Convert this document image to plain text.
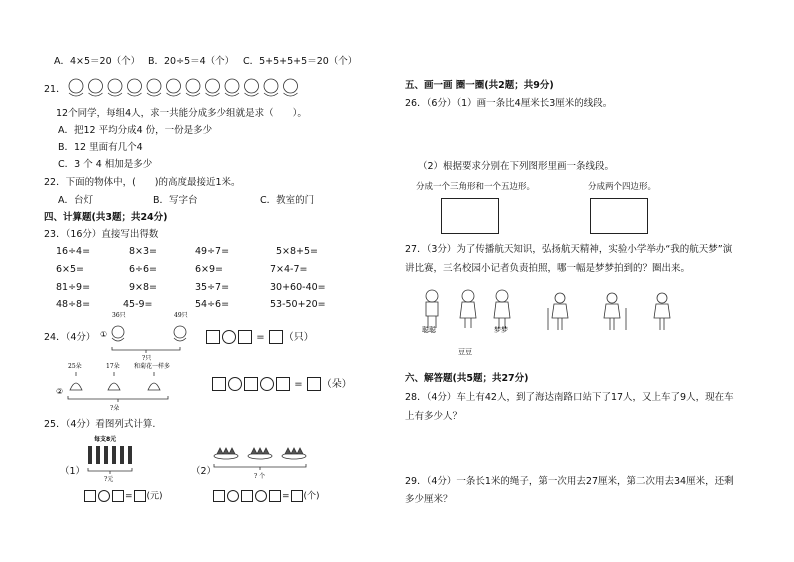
A．4×5＝20（个） B．20÷5＝4（个） C．5+5+5+5＝20（个）
21．
12个同学，每组4人，求一共能分成多少组就是求（　　）。
A．把12 平均分成4 份，一份是多少
B．12 里面有几个4
C．3 个 4 相加是多少
22．下面的物体中，(　　)的高度最接近1米。
A．台灯	B．写字台	C．教室的门
四、计算题(共3题；共24分)
23．（16分）直接写出得数
16÷4=	8×3=	49÷7=	5×8+5=
6×5=	6÷6=	6×9=	7×4-7=
81÷9=	9×8=	35÷7=	30+60-40=
48÷8=	45-9=	54÷6=	53-50+20=
24．（4分）
36只	49只
①
?只
= （只）
25朵	17朵 和菊花一样多
②
?朵
= （朵）
25．（4分）看图列式计算.
每支8元
?元
（1）
= (元)
? 个
（2）
= (个)
五、画一画 圈一圈(共2题；共9分)
26．（6分）（1）画一条比4厘米长3厘米的线段。
（2）根据要求分别在下列图形里画一条线段。
分成一个三角形和一个五边形。	分成两个四边形。
27．（3分）为了传播航天知识，弘扬航天精神，实验小学举办“我的航天梦”演
讲比赛，三名校园小记者负责拍照，哪一幅是梦梦拍到的？圈出来。
聪聪	梦梦
豆豆
六、解答题(共5题；共27分)
28．（4分）车上有42人，到了海达南路口站下了17人，又上车了9人，现在车
上有多少人？
29．（4分）一条长1米的绳子，第一次用去27厘米，第二次用去34厘米，还剩
多少厘米？
